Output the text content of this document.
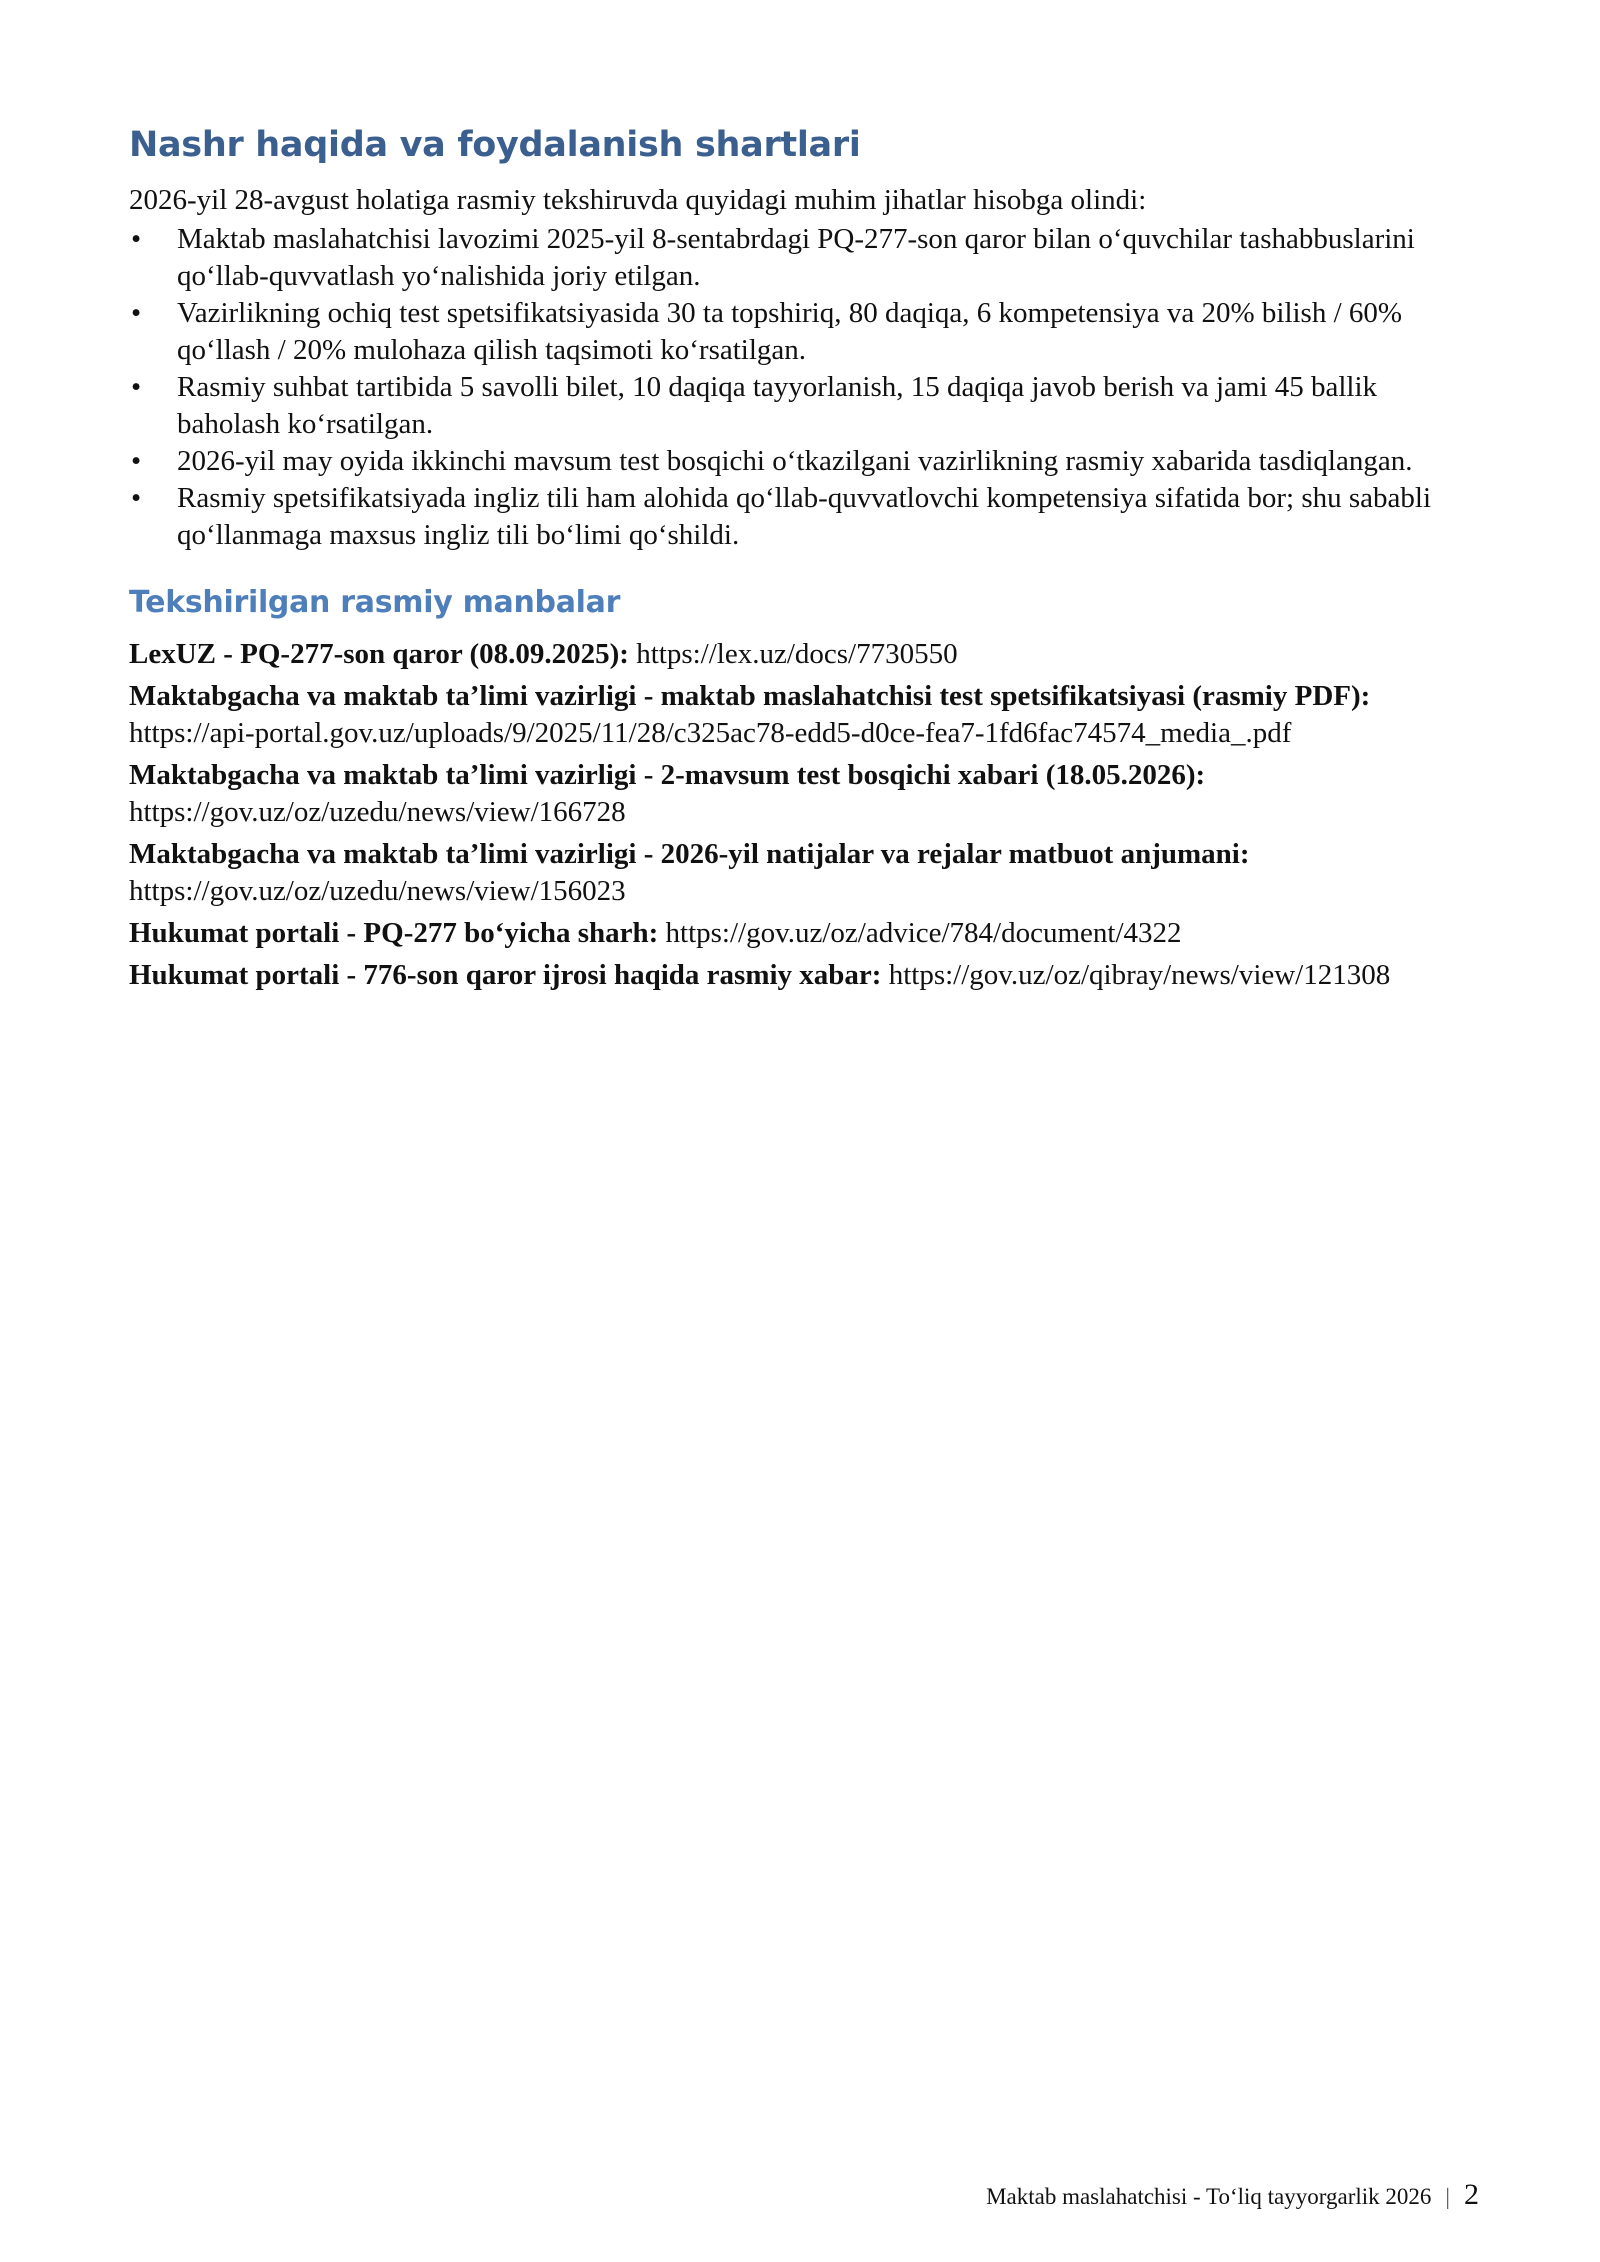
Nashr haqida va foydalanish shartlari

2026-yil 28-avgust holatiga rasmiy tekshiruvda quyidagi muhim jihatlar hisobga olindi:

• Maktab maslahatchisi lavozimi 2025-yil 8-sentabrdagi PQ-277-son qaror bilan o‘quvchilar tashabbuslarini qo‘llab-quvvatlash yo‘nalishida joriy etilgan.
• Vazirlikning ochiq test spetsifikatsiyasida 30 ta topshiriq, 80 daqiqa, 6 kompetensiya va 20% bilish / 60% qo‘llash / 20% mulohaza qilish taqsimoti ko‘rsatilgan.
• Rasmiy suhbat tartibida 5 savolli bilet, 10 daqiqa tayyorlanish, 15 daqiqa javob berish va jami 45 ballik baholash ko‘rsatilgan.
• 2026-yil may oyida ikkinchi mavsum test bosqichi o‘tkazilgani vazirlikning rasmiy xabarida tasdiqlangan.
• Rasmiy spetsifikatsiyada ingliz tili ham alohida qo‘llab-quvvatlovchi kompetensiya sifatida bor; shu sababli qo‘llanmaga maxsus ingliz tili bo‘limi qo‘shildi.
Tekshirilgan rasmiy manbalar

LexUZ - PQ-277-son qaror (08.09.2025): https://lex.uz/docs/7730550

Maktabgacha va maktab ta’limi vazirligi - maktab maslahatchisi test spetsifikatsiyasi (rasmiy PDF): https://api-portal.gov.uz/uploads/9/2025/11/28/c325ac78-edd5-d0ce-fea7-1fd6fac74574_media_.pdf

Maktabgacha va maktab ta’limi vazirligi - 2-mavsum test bosqichi xabari (18.05.2026): https://gov.uz/oz/uzedu/news/view/166728

Maktabgacha va maktab ta’limi vazirligi - 2026-yil natijalar va rejalar matbuot anjumani: https://gov.uz/oz/uzedu/news/view/156023

Hukumat portali - PQ-277 bo‘yicha sharh: https://gov.uz/oz/advice/784/document/4322

Hukumat portali - 776-son qaror ijrosi haqida rasmiy xabar: https://gov.uz/oz/qibray/news/view/121308

Maktab maslahatchisi - To‘liq tayyorgarlik 2026 | 2
